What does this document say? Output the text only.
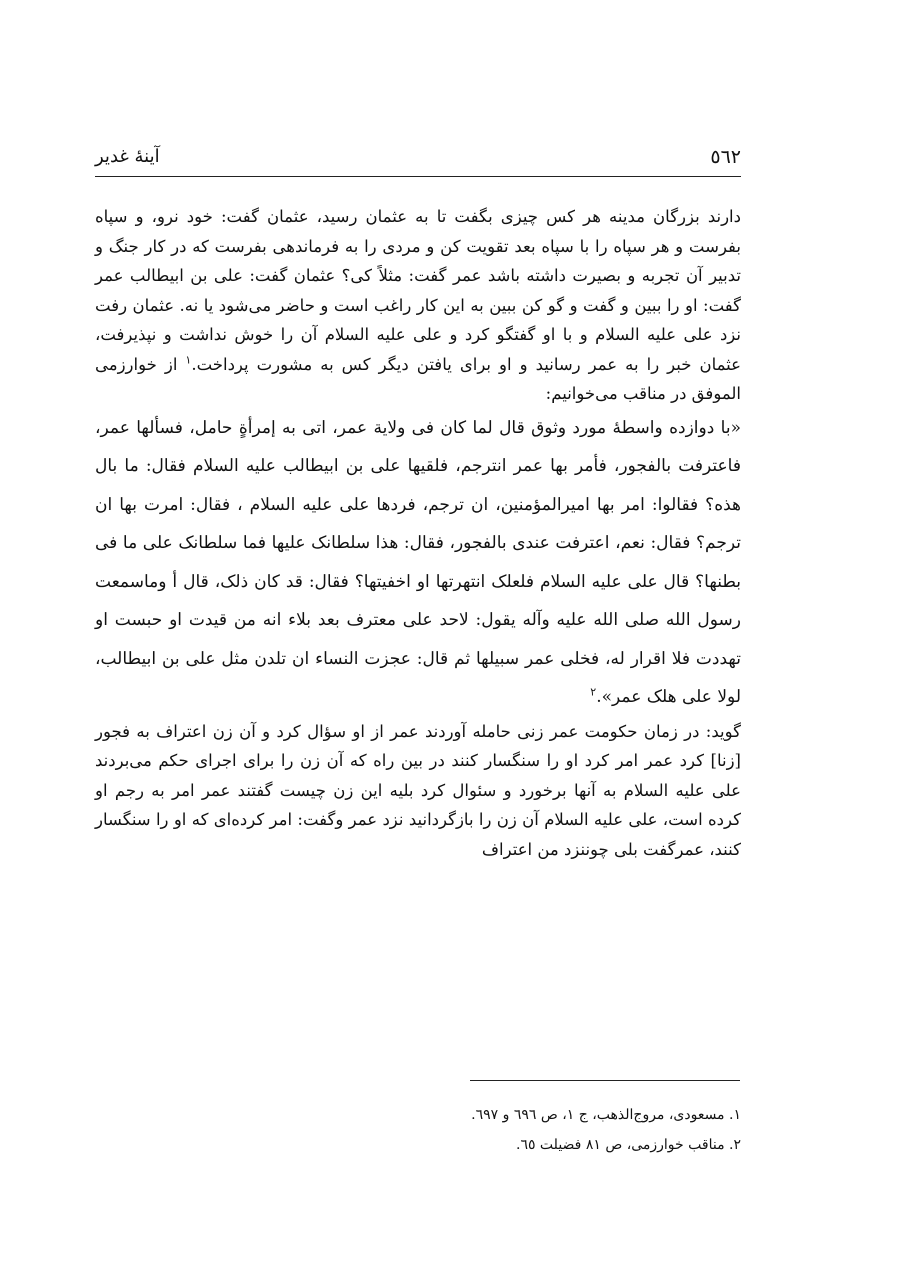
٥٦٢
آینهٔ غدیر

دارند بزرگان مدینه هر کس چیزی بگفت تا به عثمان رسید، عثمان گفت: خود نرو، و سپاه بفرست و هر سپاه را با سپاه بعد تقویت کن و مردی را به فرماندهی بفرست که در کار جنگ و تدبیر آن تجربه و بصیرت داشته باشد عمر گفت: مثلاً کی؟ عثمان گفت: علی بن ابیطالب عمر گفت: او را ببین و گفت و گو کن ببین به این کار راغب است و حاضر می‌شود یا نه. عثمان رفت نزد علی عليه السلام و با او گفتگو کرد و علی عليه السلام آن را خوش نداشت و نپذیرفت، عثمان خبر را به عمر رسانید و او برای یافتن دیگر کس به مشورت پرداخت.$^۱$ از خوارزمی الموفق در مناقب می‌خوانیم:

«با دوازده واسطهٔ مورد وثوق قال لما کان فی ولایة عمر، اتی به إمرأةٍ حامل، فسألها عمر، فاعترفت بالفجور، فأمر بها عمر انترجم، فلقیها علی بن ابیطالب عليه السلام فقال: ما بال هذه؟ فقالوا: امر بها امیرالمؤمنین، ان ترجم، فردها علی عليه السلام ، فقال: امرت بها ان ترجم؟ فقال: نعم، اعترفت عندی بالفجور، فقال: هذا سلطانک علیها فما سلطانک علی ما فی بطنها؟ قال علی عليه السلام فلعلک انتهرتها او اخفیتها؟ فقال: قد کان ذلک، قال أ وماسمعت رسول الله صلى الله عليه وآله يقول: لاحد علی معترف بعد بلاء انه من قیدت او حبست او تهددت فلا اقرار له، فخلی عمر سبیلها ثم قال: عجزت النساء ان تلدن مثل علی بن ابیطالب، لولا علی هلک عمر».$^۲$

گوید: در زمان حکومت عمر زنی حامله آوردند عمر از او سؤال کرد و آن زن اعتراف به فجور [زنا] کرد عمر امر کرد او را سنگسار کنند در بین راه که آن زن را برای اجرای حکم می‌بردند علی عليه السلام به آنها برخورد و سئوال کرد بلیه این زن چیست گفتند عمر امر به رجم او کرده است، علی عليه السلام آن زن را بازگردانید نزد عمر وگفت: امر کرده‌ای که او را سنگسار کنند، عمرگفت بلی چوننزد من اعتراف

۱. مسعودی، مروج‌الذهب، ج ۱، ص ٦٩٦ و ٦٩٧.
۲. مناقب خوارزمی، ص ۸۱ فضیلت ٦٥.
